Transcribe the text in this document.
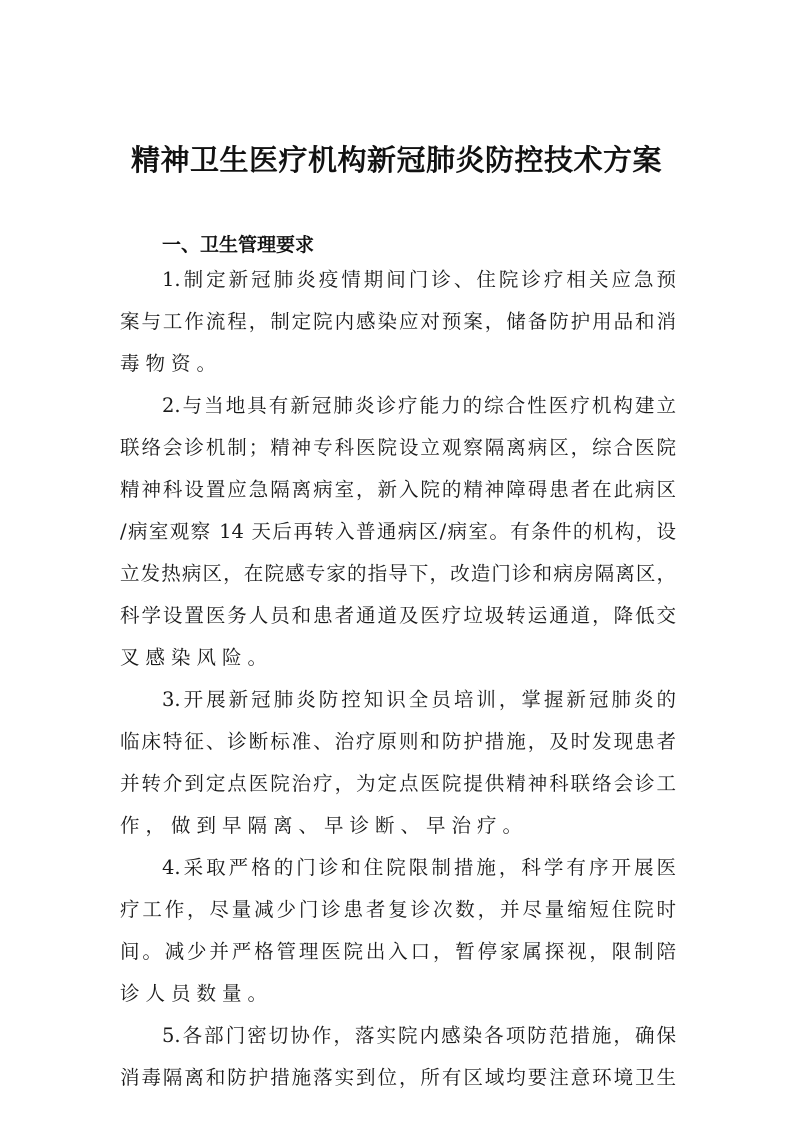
精神卫生医疗机构新冠肺炎防控技术方案
一、卫生管理要求
1.制定新冠肺炎疫情期间门诊、住院诊疗相关应急预
案与工作流程，制定院内感染应对预案，储备防护用品和消
毒物资。
2.与当地具有新冠肺炎诊疗能力的综合性医疗机构建立
联络会诊机制；精神专科医院设立观察隔离病区，综合医院
精神科设置应急隔离病室，新入院的精神障碍患者在此病区
/病室观察 14 天后再转入普通病区/病室。有条件的机构，设
立发热病区，在院感专家的指导下，改造门诊和病房隔离区，
科学设置医务人员和患者通道及医疗垃圾转运通道，降低交
叉感染风险。
3.开展新冠肺炎防控知识全员培训，掌握新冠肺炎的
临床特征、诊断标准、治疗原则和防护措施，及时发现患者
并转介到定点医院治疗，为定点医院提供精神科联络会诊工
作，做到早隔离、早诊断、早治疗。
4.采取严格的门诊和住院限制措施，科学有序开展医
疗工作，尽量减少门诊患者复诊次数，并尽量缩短住院时
间。减少并严格管理医院出入口，暂停家属探视，限制陪
诊人员数量。
5.各部门密切协作，落实院内感染各项防范措施，确保
消毒隔离和防护措施落实到位，所有区域均要注意环境卫生
